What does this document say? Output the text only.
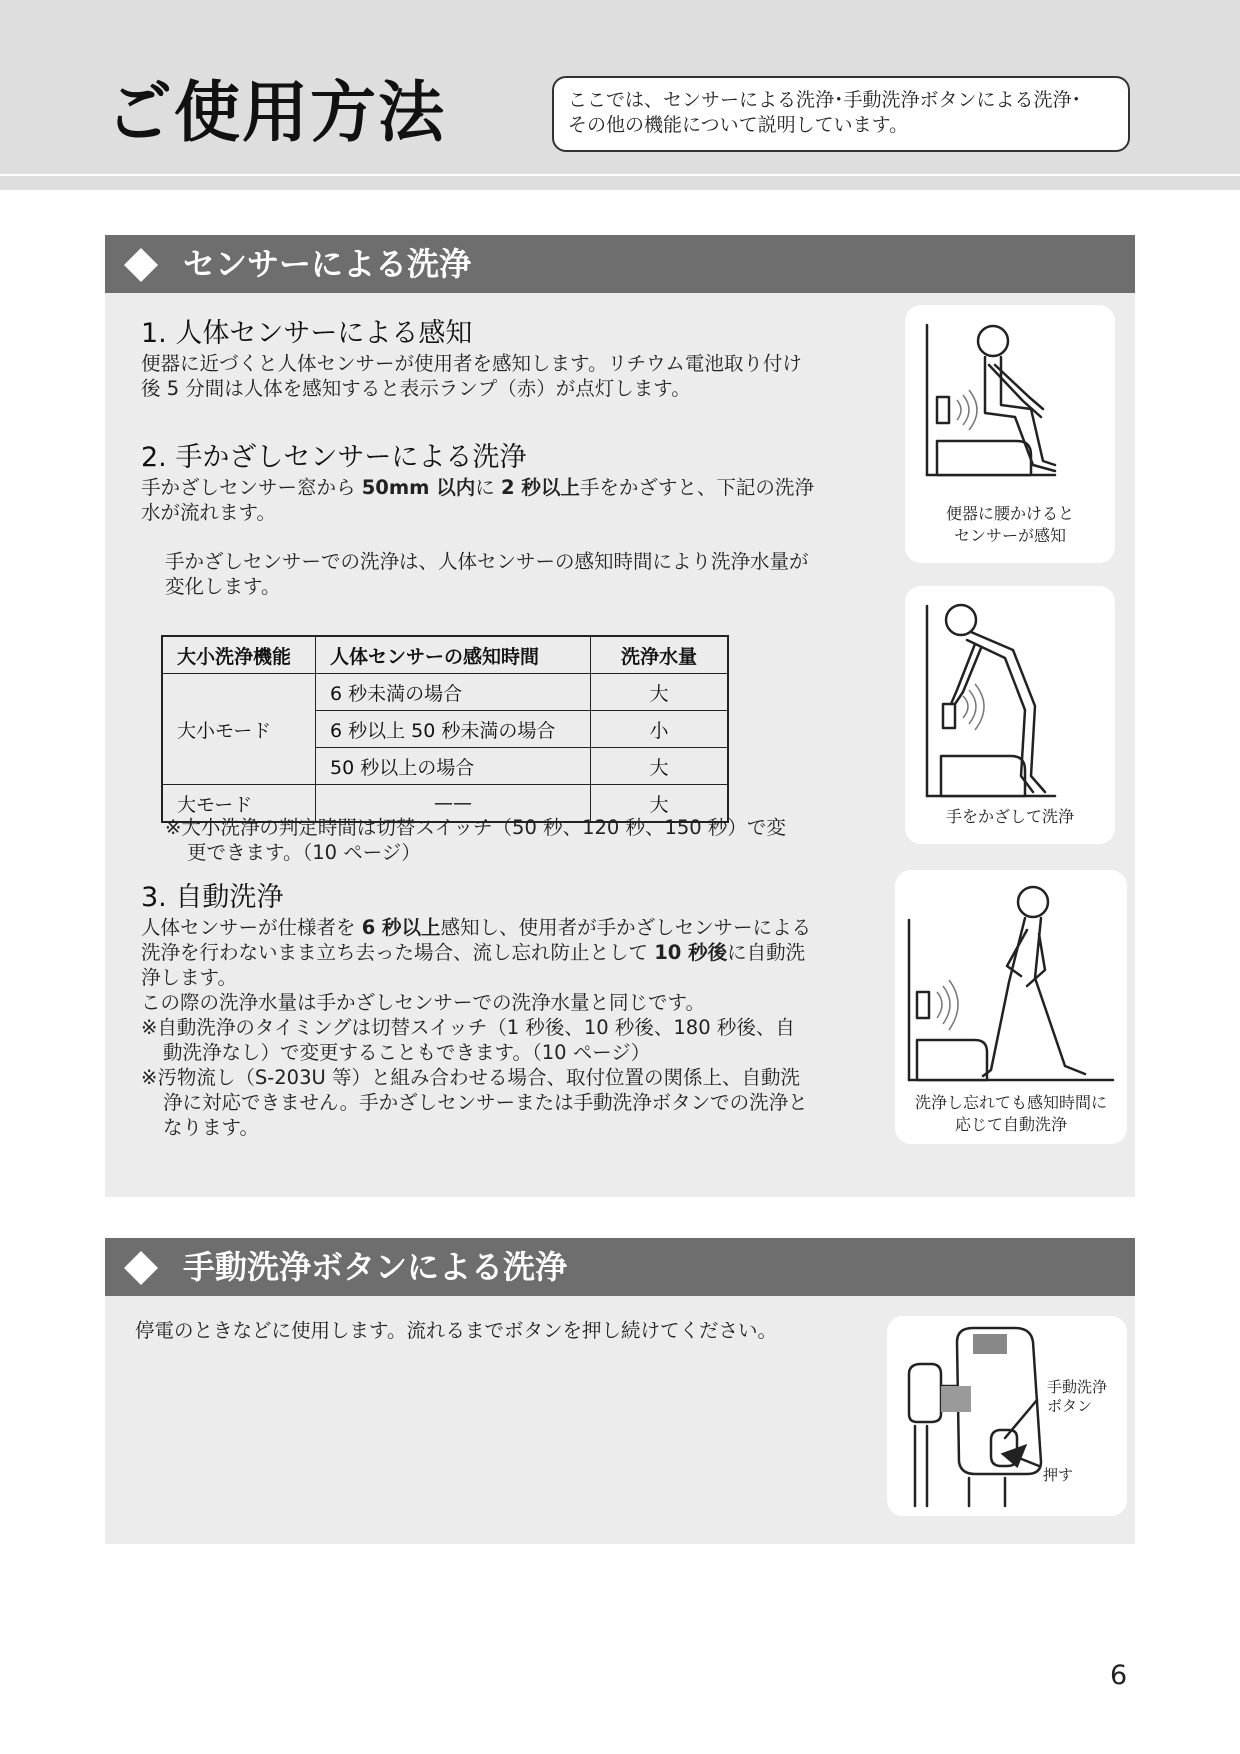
ご使用方法	ここでは、センサーによる洗浄･手動洗浄ボタンによる洗浄･
その他の機能について説明しています。
センサーによる洗浄
1. 人体センサーによる感知
便器に近づくと人体センサーが使用者を感知します。リチウム電池取り付け
後 5 分間は人体を感知すると表示ランプ（赤）が点灯します。
2. 手かざしセンサーによる洗浄
手かざしセンサー窓から 50mm 以内に 2 秒以上手をかざすと、下記の洗浄
水が流れます。
手かざしセンサーでの洗浄は、人体センサーの感知時間により洗浄水量が
変化します。
大小洗浄機能	人体センサーの感知時間	洗浄水量
大小モード	6 秒未満の場合	大
	6 秒以上 50 秒未満の場合	小
	50 秒以上の場合	大
大モード	——	大
※大小洗浄の判定時間は切替スイッチ（50 秒、120 秒、150 秒）で変
更できます。（10 ページ）
3. 自動洗浄
人体センサーが仕様者を 6 秒以上感知し、使用者が手かざしセンサーによる
洗浄を行わないまま立ち去った場合、流し忘れ防止として 10 秒後に自動洗
浄します。
この際の洗浄水量は手かざしセンサーでの洗浄水量と同じです。
※自動洗浄のタイミングは切替スイッチ（1 秒後、10 秒後、180 秒後、自
動洗浄なし）で変更することもできます。（10 ページ）
※汚物流し（S-203U 等）と組み合わせる場合、取付位置の関係上、自動洗
浄に対応できません。手かざしセンサーまたは手動洗浄ボタンでの洗浄と
なります。
便器に腰かけると
センサーが感知
手をかざして洗浄
洗浄し忘れても感知時間に
応じて自動洗浄
手動洗浄ボタンによる洗浄
停電のときなどに使用します。流れるまでボタンを押し続けてください。
手動洗浄
ボタン
押す
6
